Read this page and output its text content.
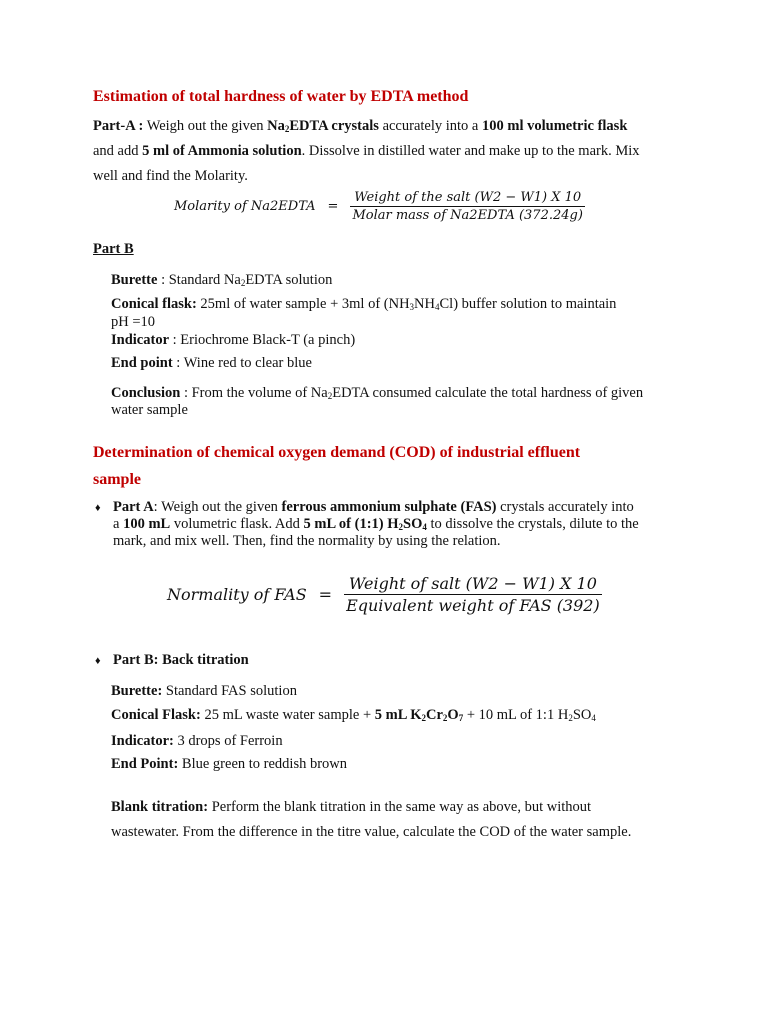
Estimation of total hardness of water by EDTA method
Part-A : Weigh out the given $Na_2EDTA$ crystals accurately into a 100 ml volumetric flask
and add 5 ml of Ammonia solution. Dissolve in distilled water and make up to the mark. Mix
well and find the Molarity.
Molarity of Na2EDTA = $\frac{\text{Weight of the salt (W2 − W1) X 10}}{\text{Molar mass of Na2EDTA (372.24g)}}$
Part B
Burette : Standard $Na_2EDTA$ solution
Conical flask: 25ml of water sample + 3ml of $(NH_3NH_4Cl)$ buffer solution to maintain
pH =10
Indicator : Eriochrome Black-T (a pinch)
End point : Wine red to clear blue
Conclusion : From the volume of $Na_2EDTA$ consumed calculate the total hardness of given
water sample
Determination of chemical oxygen demand (COD) of industrial effluent
sample
♦ Part A: Weigh out the given ferrous ammonium sulphate (FAS) crystals accurately into
a 100 mL volumetric flask. Add 5 mL of (1:1) $H_2SO_4$ to dissolve the crystals, dilute to the
mark, and mix well. Then, find the normality by using the relation.
Normality of FAS = $\frac{\text{Weight of salt (W2 − W1) X 10}}{\text{Equivalent weight of FAS (392)}}$
♦ Part B: Back titration
Burette: Standard FAS solution
Conical Flask: 25 mL waste water sample + 5 mL $K_2Cr_2O_7 + 10$ mL of 1:1 $H_2SO_4$
Indicator: 3 drops of Ferroin
End Point: Blue green to reddish brown
Blank titration: Perform the blank titration in the same way as above, but without
wastewater. From the difference in the titre value, calculate the COD of the water sample.
